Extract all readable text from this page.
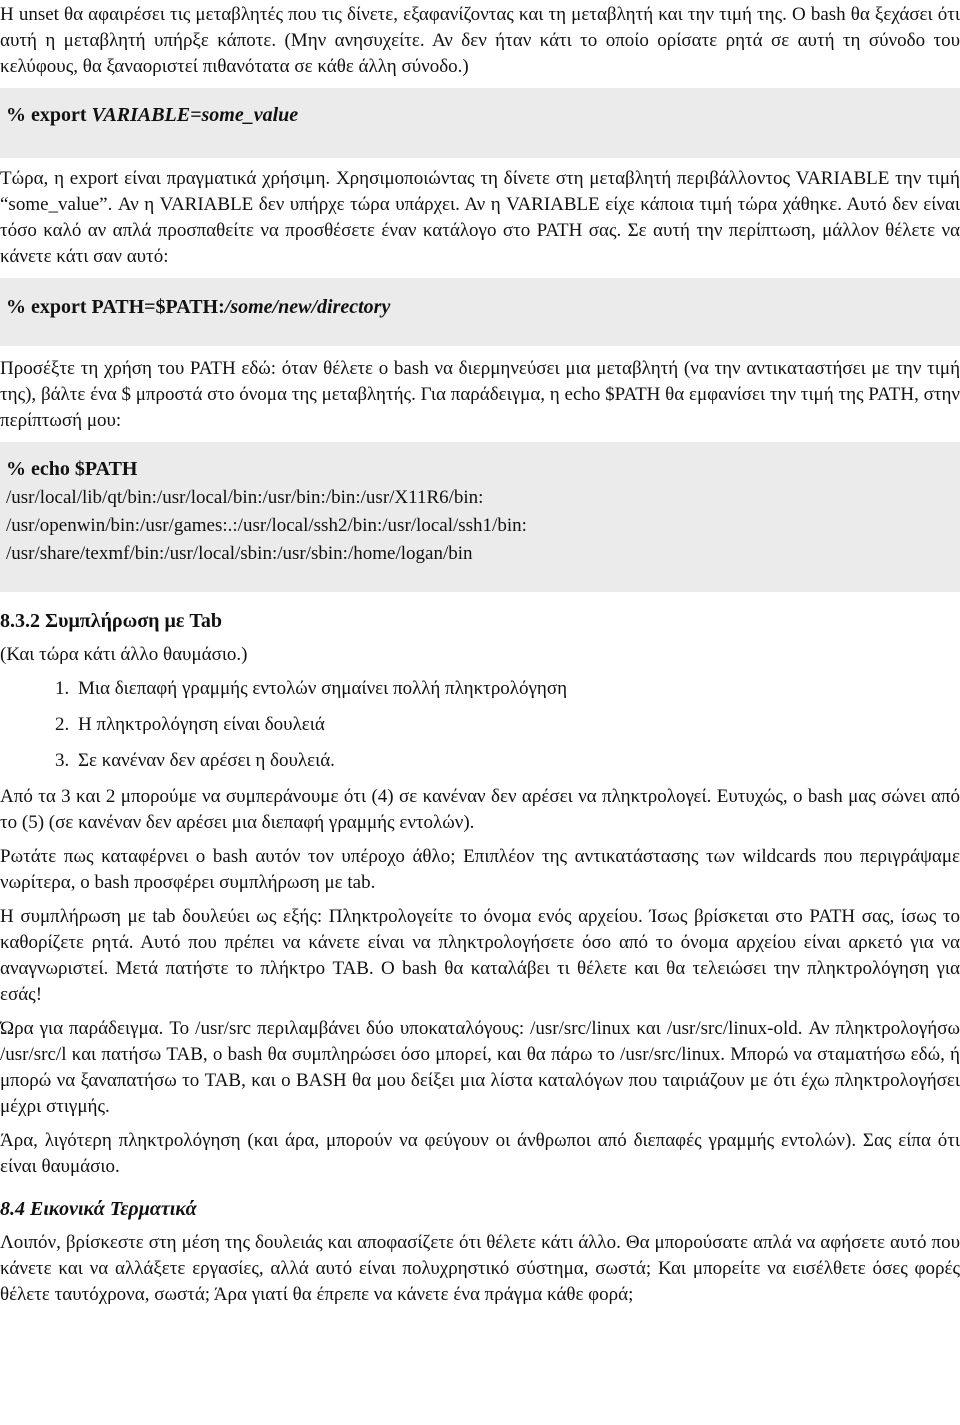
H unset θα αφαιρέσει τις μεταβλητές που τις δίνετε, εξαφανίζοντας και τη μεταβλητή και την τιμή της. O bash θα ξεχάσει ότι αυτή η μεταβλητή υπήρξε κάποτε. (Μην ανησυχείτε. Αν δεν ήταν κάτι το οποίο ορίσατε ρητά σε αυτή τη σύνοδο του κελύφους, θα ξαναοριστεί πιθανότατα σε κάθε άλλη σύνοδο.)

% export VARIABLE=some_value

Τώρα, η export είναι πραγματικά χρήσιμη. Χρησιμοποιώντας τη δίνετε στη μεταβλητή περιβάλλοντος VARIABLE την τιμή “some_value”. Αν η VARIABLE δεν υπήρχε τώρα υπάρχει. Αν η VARIABLE είχε κάποια τιμή τώρα χάθηκε. Αυτό δεν είναι τόσο καλό αν απλά προσπαθείτε να προσθέσετε έναν κατάλογο στο PATH σας. Σε αυτή την περίπτωση, μάλλον θέλετε να κάνετε κάτι σαν αυτό:

% export PATH=$PATH:/some/new/directory

Προσέξτε τη χρήση του PATH εδώ: όταν θέλετε ο bash να διερμηνεύσει μια μεταβλητή (να την αντικαταστήσει με την τιμή της), βάλτε ένα $ μπροστά στο όνομα της μεταβλητής. Για παράδειγμα, η echo $PATH θα εμφανίσει την τιμή της PATH, στην περίπτωσή μου:

% echo $PATH
/usr/local/lib/qt/bin:/usr/local/bin:/usr/bin:/bin:/usr/X11R6/bin:
/usr/openwin/bin:/usr/games:.:/usr/local/ssh2/bin:/usr/local/ssh1/bin:
/usr/share/texmf/bin:/usr/local/sbin:/usr/sbin:/home/logan/bin
8.3.2 Συμπλήρωση με Tab

(Και τώρα κάτι άλλο θαυμάσιο.)

1. Μια διεπαφή γραμμής εντολών σημαίνει πολλή πληκτρολόγηση
2. Η πληκτρολόγηση είναι δουλειά
3. Σε κανέναν δεν αρέσει η δουλειά.

Από τα 3 και 2 μπορούμε να συμπεράνουμε ότι (4) σε κανέναν δεν αρέσει να πληκτρολογεί. Ευτυχώς, ο bash μας σώνει από το (5) (σε κανέναν δεν αρέσει μια διεπαφή γραμμής εντολών).

Ρωτάτε πως καταφέρνει ο bash αυτόν τον υπέροχο άθλο; Επιπλέον της αντικατάστασης των wildcards που περιγράψαμε νωρίτερα, ο bash προσφέρει συμπλήρωση με tab.

Η συμπλήρωση με tab δουλεύει ως εξής: Πληκτρολογείτε το όνομα ενός αρχείου. Ίσως βρίσκεται στο PATH σας, ίσως το καθορίζετε ρητά. Αυτό που πρέπει να κάνετε είναι να πληκτρολογήσετε όσο από το όνομα αρχείου είναι αρκετό για να αναγνωριστεί. Μετά πατήστε το πλήκτρο TAB. O bash θα καταλάβει τι θέλετε και θα τελειώσει την πληκτρολόγηση για εσάς!

Ώρα για παράδειγμα. To /usr/src περιλαμβάνει δύο υποκαταλόγους: /usr/src/linux και /usr/src/linux-old. Αν πληκτρολογήσω /usr/src/l και πατήσω TAB, ο bash θα συμπληρώσει όσο μπορεί, και θα πάρω το /usr/src/linux. Μπορώ να σταματήσω εδώ, ή μπορώ να ξαναπατήσω το TAB, και ο BASH θα μου δείξει μια λίστα καταλόγων που ταιριάζουν με ότι έχω πληκτρολογήσει μέχρι στιγμής.

Άρα, λιγότερη πληκτρολόγηση (και άρα, μπορούν να φεύγουν οι άνθρωποι από διεπαφές γραμμής εντολών). Σας είπα ότι είναι θαυμάσιο.

8.4 Εικονικά Τερματικά

Λοιπόν, βρίσκεστε στη μέση της δουλειάς και αποφασίζετε ότι θέλετε κάτι άλλο. Θα μπορούσατε απλά να αφήσετε αυτό που κάνετε και να αλλάξετε εργασίες, αλλά αυτό είναι πολυχρηστικό σύστημα, σωστά; Και μπορείτε να εισέλθετε όσες φορές θέλετε ταυτόχρονα, σωστά; Άρα γιατί θα έπρεπε να κάνετε ένα πράγμα κάθε φορά;
